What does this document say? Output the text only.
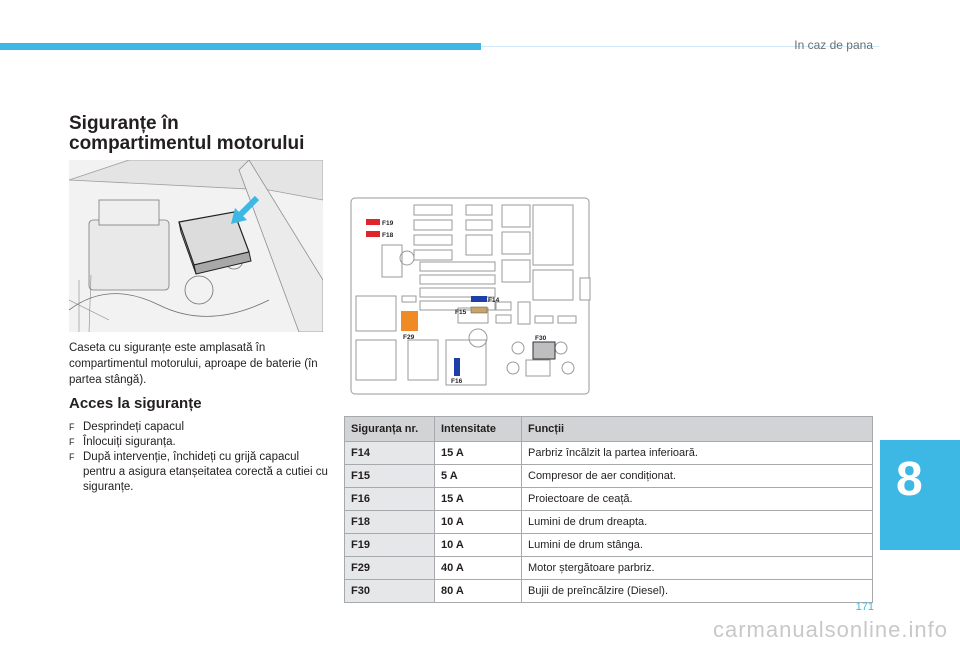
In caz de pana
Siguranțe în
compartimentul motorului
Caseta cu siguranțe este amplasată în compartimentul motorului, aproape de baterie (în partea stângă).
Acces la siguranțe

F Desprindeți capacul

F Înlocuiți siguranța.

F După intervenție, închideți cu grijă capacul pentru a asigura etanșeitatea corectă a cutiei cu siguranțe.

F19
F18
F14
F15
F29	F30
F16
Siguranța nr.	Intensitate	Funcții
F14	15 A	Parbriz încălzit la partea inferioară.
F15	5 A	Compresor de aer condiționat.
F16	15 A	Proiectoare de ceață.
F18	10 A	Lumini de drum dreapta.
F19	10 A	Lumini de drum stânga.
F29	40 A	Motor ștergătoare parbriz.
F30	80 A	Bujii de preîncălzire (Diesel).
8
171
carmanualsonline.info
